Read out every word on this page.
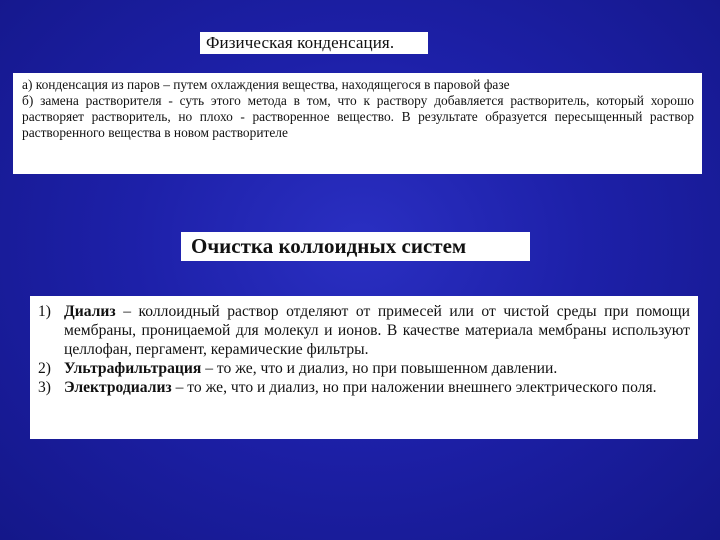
Физическая конденсация.

а) конденсация из паров – путем охлаждения вещества, находящегося в паровой фазе

б) замена растворителя - суть этого метода в том, что к раствору добавляется растворитель, который хорошо растворяет растворитель, но плохо - растворенное вещество. В результате образуется пересыщенный раствор растворенного вещества в новом растворителе

Очистка коллоидных систем
1) Диализ – коллоидный раствор отделяют от примесей или от чистой среды при помощи мембраны, проницаемой для молекул и ионов. В качестве материала мембраны используют целлофан, пергамент, керамические фильтры.
2) Ультрафильтрация – то же, что и диализ, но при повышенном давлении.
3) Электродиализ – то же, что и диализ, но при наложении внешнего электрического поля.
